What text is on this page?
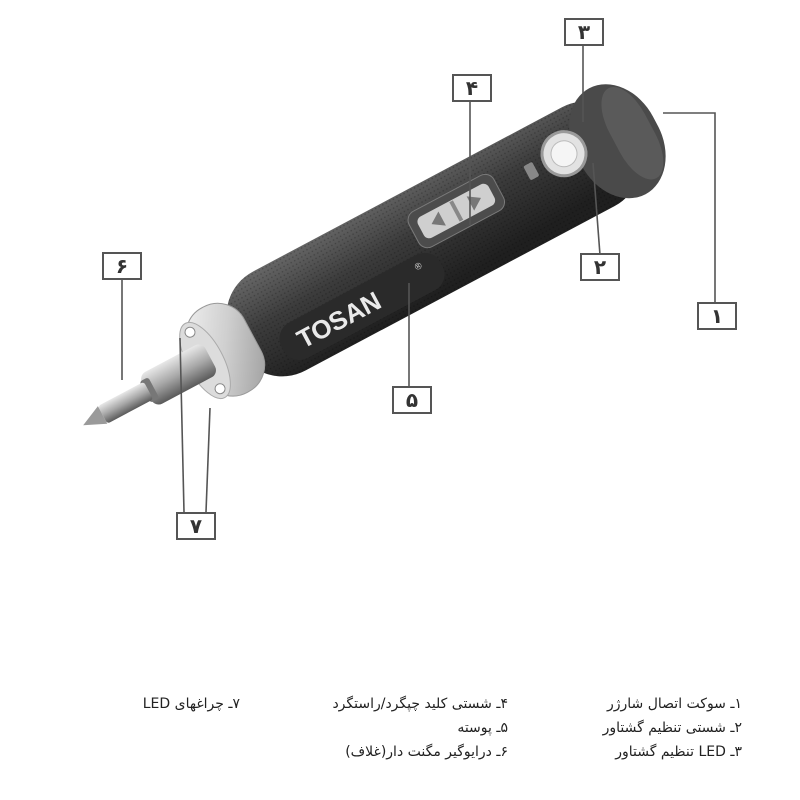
TOSAN
®
۳
۴
۲
۶
۱
۵
۷
۱ـ سوکت اتصال شارژر
۲ـ شستی تنظیم گشتاور
۳ـ LED تنظیم گشتاور
۴ـ شستی کلید چپگرد/راستگرد
۵ـ پوسته
۶ـ درایوگیر مگنت دار(غلاف)
۷ـ چراغهای LED
